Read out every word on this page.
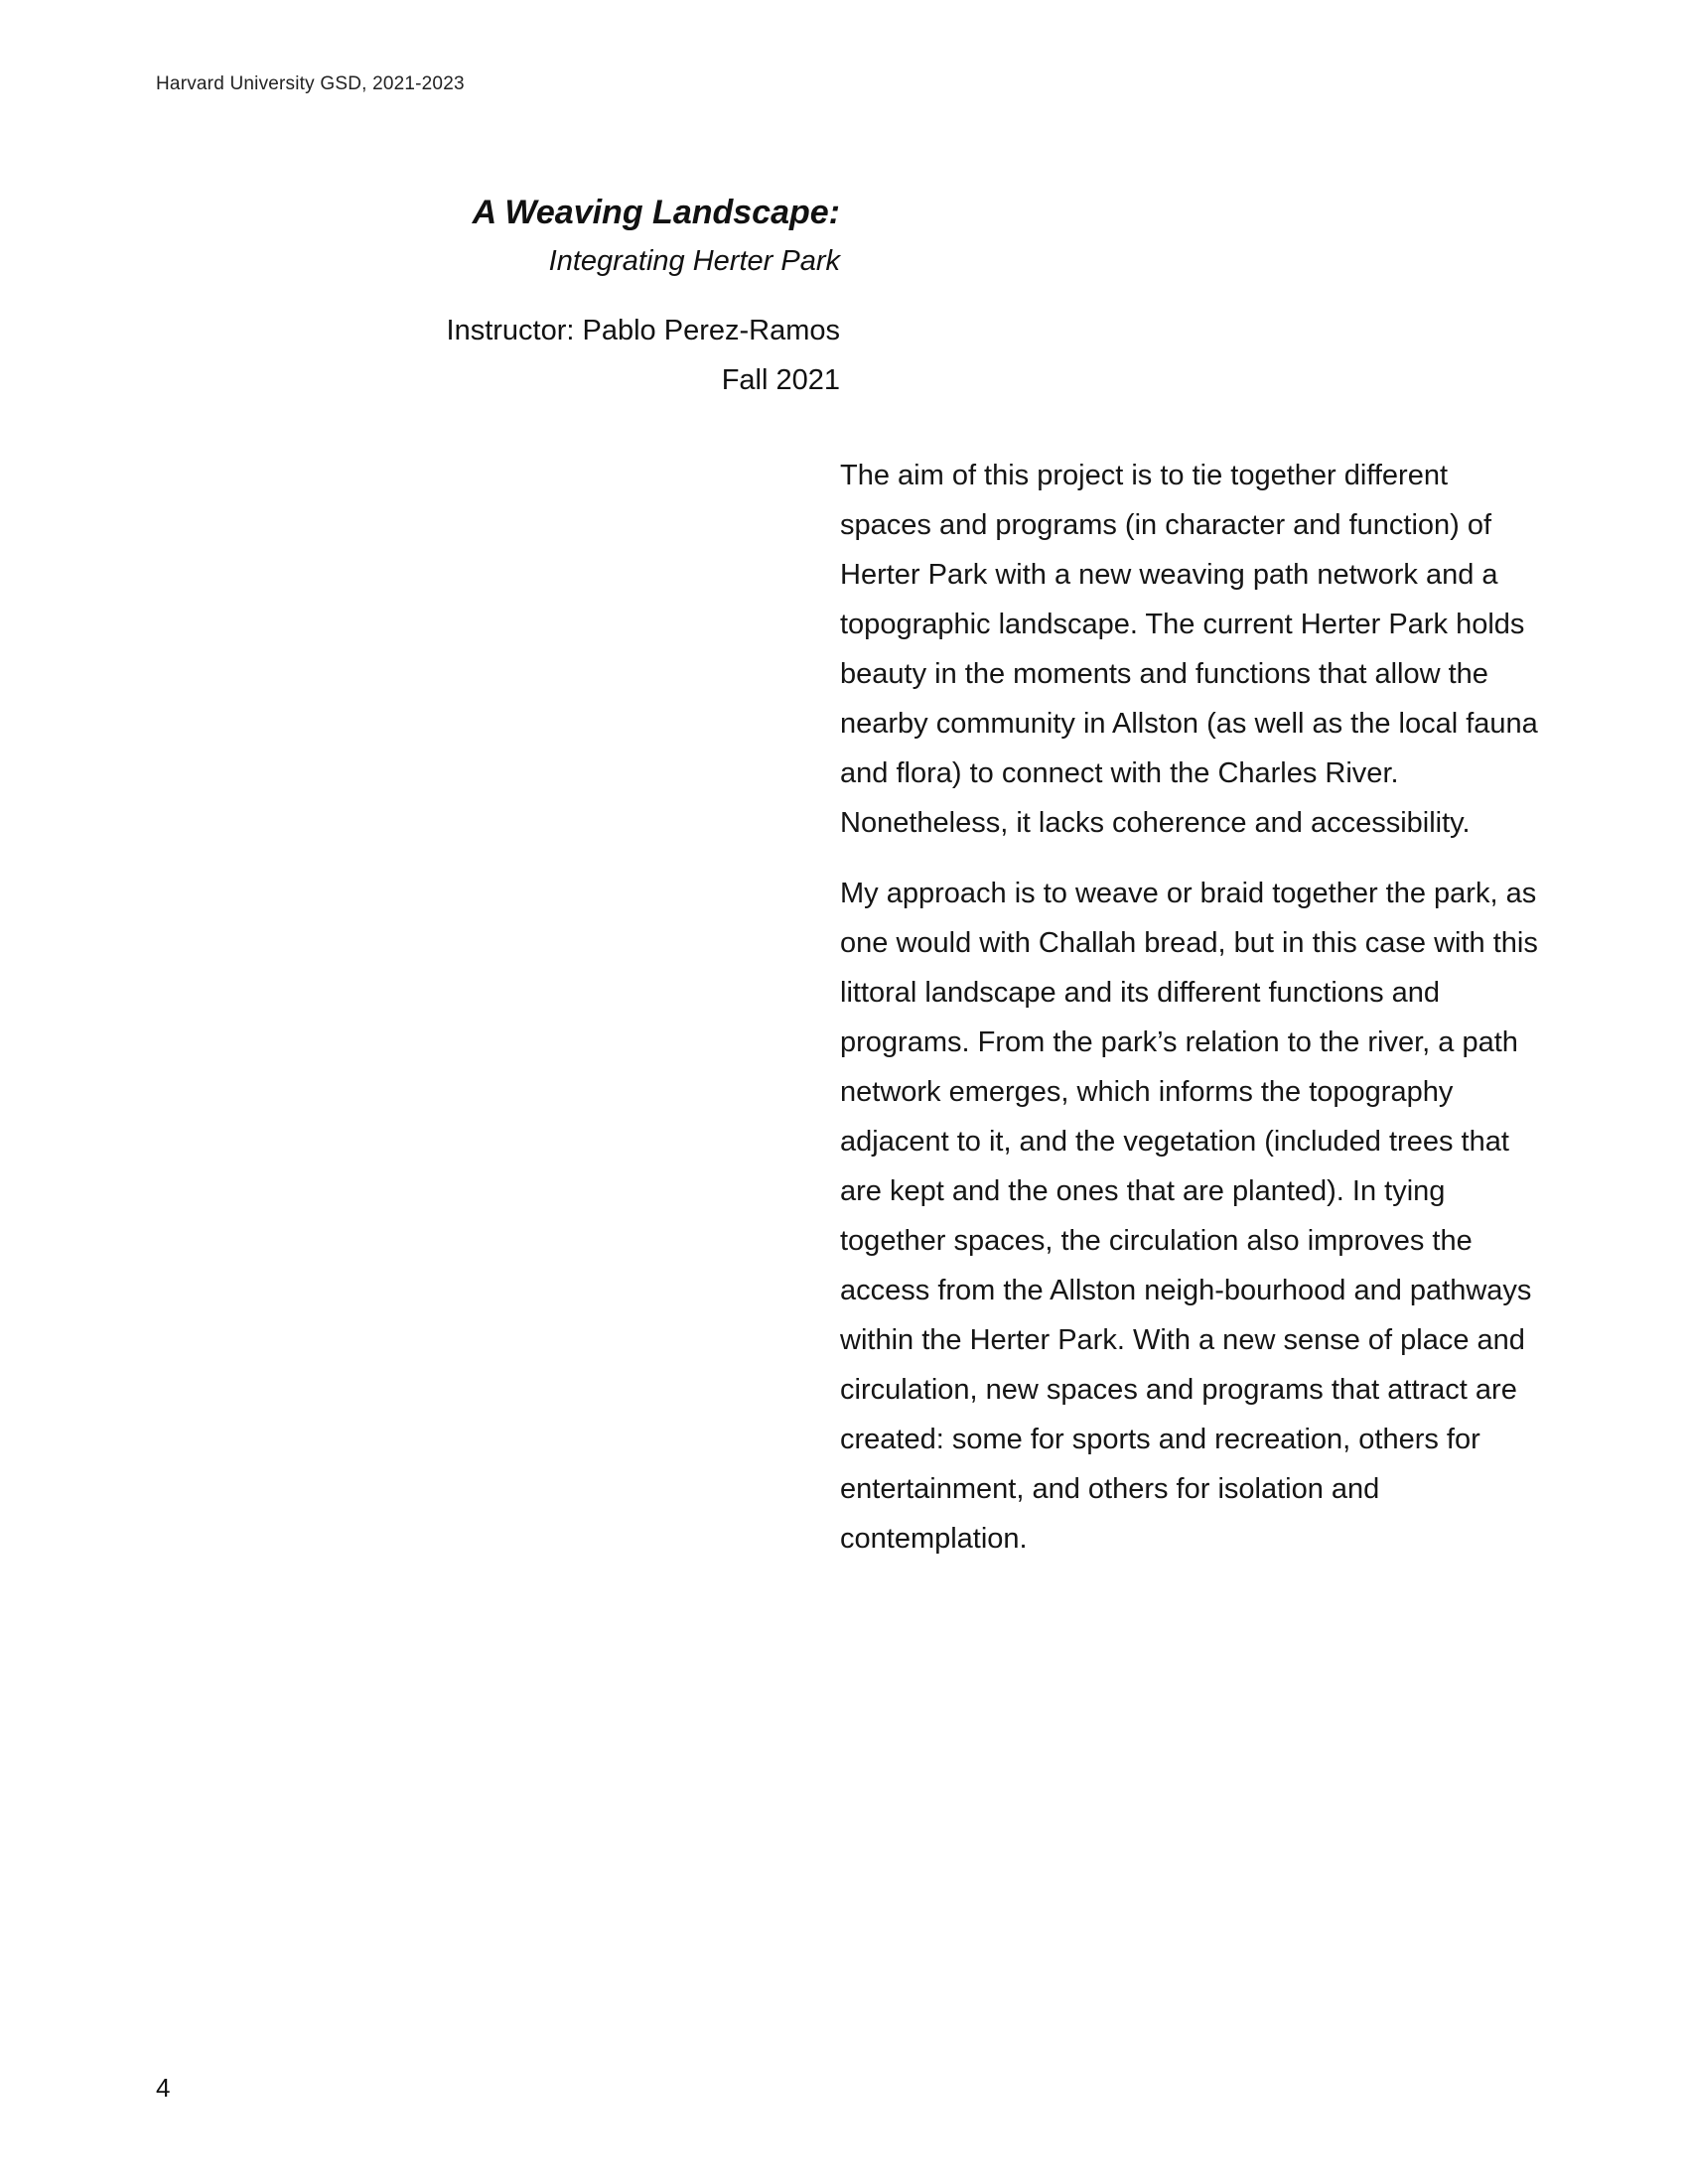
Harvard University GSD, 2021-2023

A Weaving Landscape:

Integrating Herter Park

Instructor: Pablo Perez-Ramos

Fall 2021

The aim of this project is to tie together different spaces and programs (in character and function) of Herter Park with a new weaving path network and a topographic landscape. The current Herter Park holds beauty in the moments and functions that allow the nearby community in Allston (as well as the local fauna and flora) to connect with the Charles River. Nonetheless, it lacks coherence and accessibility.

My approach is to weave or braid together the park, as one would with Challah bread, but in this case with this littoral landscape and its different functions and programs. From the park’s relation to the river, a path network emerges, which informs the topography adjacent to it, and the vegetation (included trees that are kept and the ones that are planted). In tying together spaces, the circulation also improves the access from the Allston neigh-bourhood and pathways within the Herter Park. With a new sense of place and circulation, new spaces and programs that attract are created: some for sports and recreation, others for entertainment, and others for isolation and contemplation.

4
